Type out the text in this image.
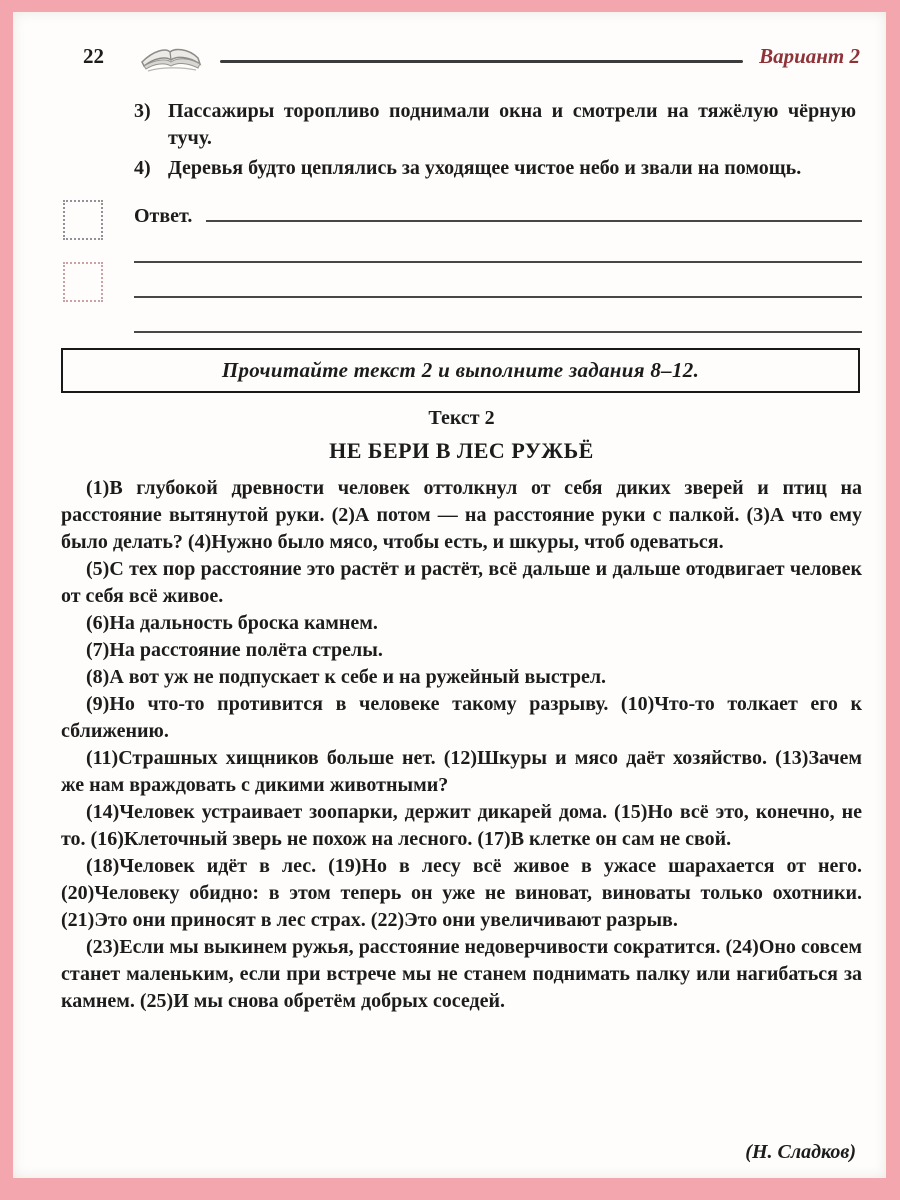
22	Вариант 2
3) Пассажиры торопливо поднимали окна и смотрели на тяжёлую чёрную тучу.
4) Деревья будто цеплялись за уходящее чистое небо и звали на помощь.
Ответ.
Прочитайте текст 2 и выполните задания 8–12.
Текст 2
НЕ БЕРИ В ЛЕС РУЖЬЁ

(1)В глубокой древности человек оттолкнул от себя диких зверей и птиц на расстояние вытянутой руки. (2)А потом — на расстояние руки с палкой. (3)А что ему было делать? (4)Нужно было мясо, чтобы есть, и шкуры, чтоб одеваться.

(5)С тех пор расстояние это растёт и растёт, всё дальше и дальше отодвигает человек от себя всё живое.

(6)На дальность броска камнем.

(7)На расстояние полёта стрелы.

(8)А вот уж не подпускает к себе и на ружейный выстрел.

(9)Но что-то противится в человеке такому разрыву. (10)Что-то толкает его к сближению.

(11)Страшных хищников больше нет. (12)Шкуры и мясо даёт хозяйство. (13)Зачем же нам враждовать с дикими животными?

(14)Человек устраивает зоопарки, держит дикарей дома. (15)Но всё это, конечно, не то. (16)Клеточный зверь не похож на лесного. (17)В клетке он сам не свой.

(18)Человек идёт в лес. (19)Но в лесу всё живое в ужасе шарахается от него. (20)Человеку обидно: в этом теперь он уже не виноват, виноваты только охотники. (21)Это они приносят в лес страх. (22)Это они увеличивают разрыв.

(23)Если мы выкинем ружья, расстояние недоверчивости сократится. (24)Оно совсем станет маленьким, если при встрече мы не станем поднимать палку или нагибаться за камнем. (25)И мы снова обретём добрых соседей.

(Н. Сладков)
